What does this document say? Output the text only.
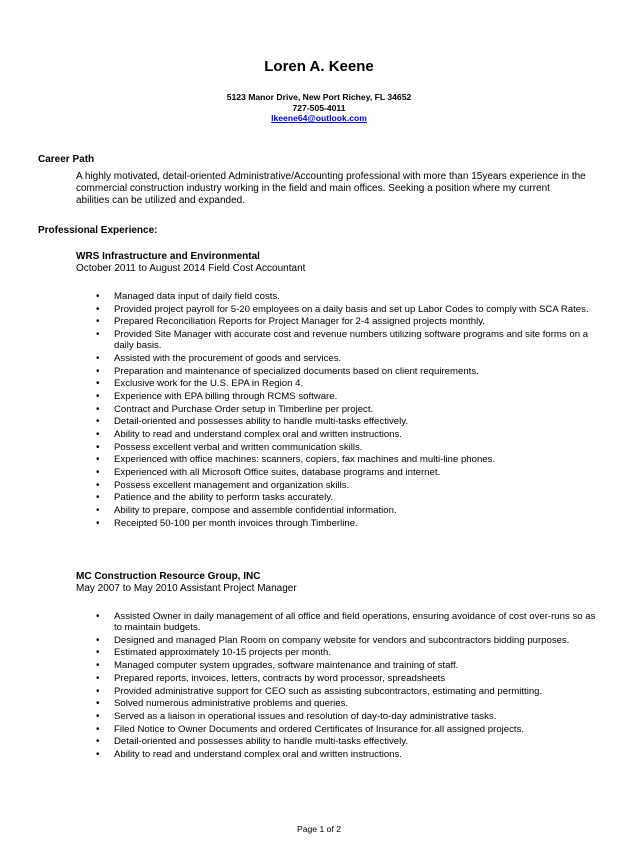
Loren A. Keene
5123 Manor Drive, New Port Richey, FL 34652
727-505-4011
lkeene64@outlook.com
Career Path
A highly motivated, detail-oriented Administrative/Accounting professional with more than 15years experience in the commercial construction industry working in the field and main offices. Seeking a position where my current abilities can be utilized and expanded.
Professional Experience:
WRS Infrastructure and Environmental
October 2011 to August 2014 Field Cost Accountant
• Managed data input of daily field costs.
• Provided project payroll for 5-20 employees on a daily basis and set up Labor Codes to comply with SCA Rates.
• Prepared Reconciliation Reports for Project Manager for 2-4 assigned projects monthly.
• Provided Site Manager with accurate cost and revenue numbers utilizing software programs and site forms on a daily basis.
• Assisted with the procurement of goods and services.
• Preparation and maintenance of specialized documents based on client requirements.
• Exclusive work for the U.S. EPA in Region 4.
• Experience with EPA billing through RCMS software.
• Contract and Purchase Order setup in Timberline per project.
• Detail-oriented and possesses ability to handle multi-tasks effectively.
• Ability to read and understand complex oral and written instructions.
• Possess excellent verbal and written communication skills.
• Experienced with office machines: scanners, copiers, fax machines and multi-line phones.
• Experienced with all Microsoft Office suites, database programs and internet.
• Possess excellent management and organization skills.
• Patience and the ability to perform tasks accurately.
• Ability to prepare, compose and assemble confidential information.
• Receipted 50-100 per month invoices through Timberline.
MC Construction Resource Group, INC
May 2007 to May 2010 Assistant Project Manager
• Assisted Owner in daily management of all office and field operations, ensuring avoidance of cost over-runs so as to maintain budgets.
• Designed and managed Plan Room on company website for vendors and subcontractors bidding purposes.
• Estimated approximately 10-15 projects per month.
• Managed computer system upgrades, software maintenance and training of staff.
• Prepared reports, invoices, letters, contracts by word processor, spreadsheets
• Provided administrative support for CEO such as assisting subcontractors, estimating and permitting.
• Solved numerous administrative problems and queries.
• Served as a liaison in operational issues and resolution of day-to-day administrative tasks.
• Filed Notice to Owner Documents and ordered Certificates of Insurance for all assigned projects.
• Detail-oriented and possesses ability to handle multi-tasks effectively.
• Ability to read and understand complex oral and written instructions.
Page 1 of 2
